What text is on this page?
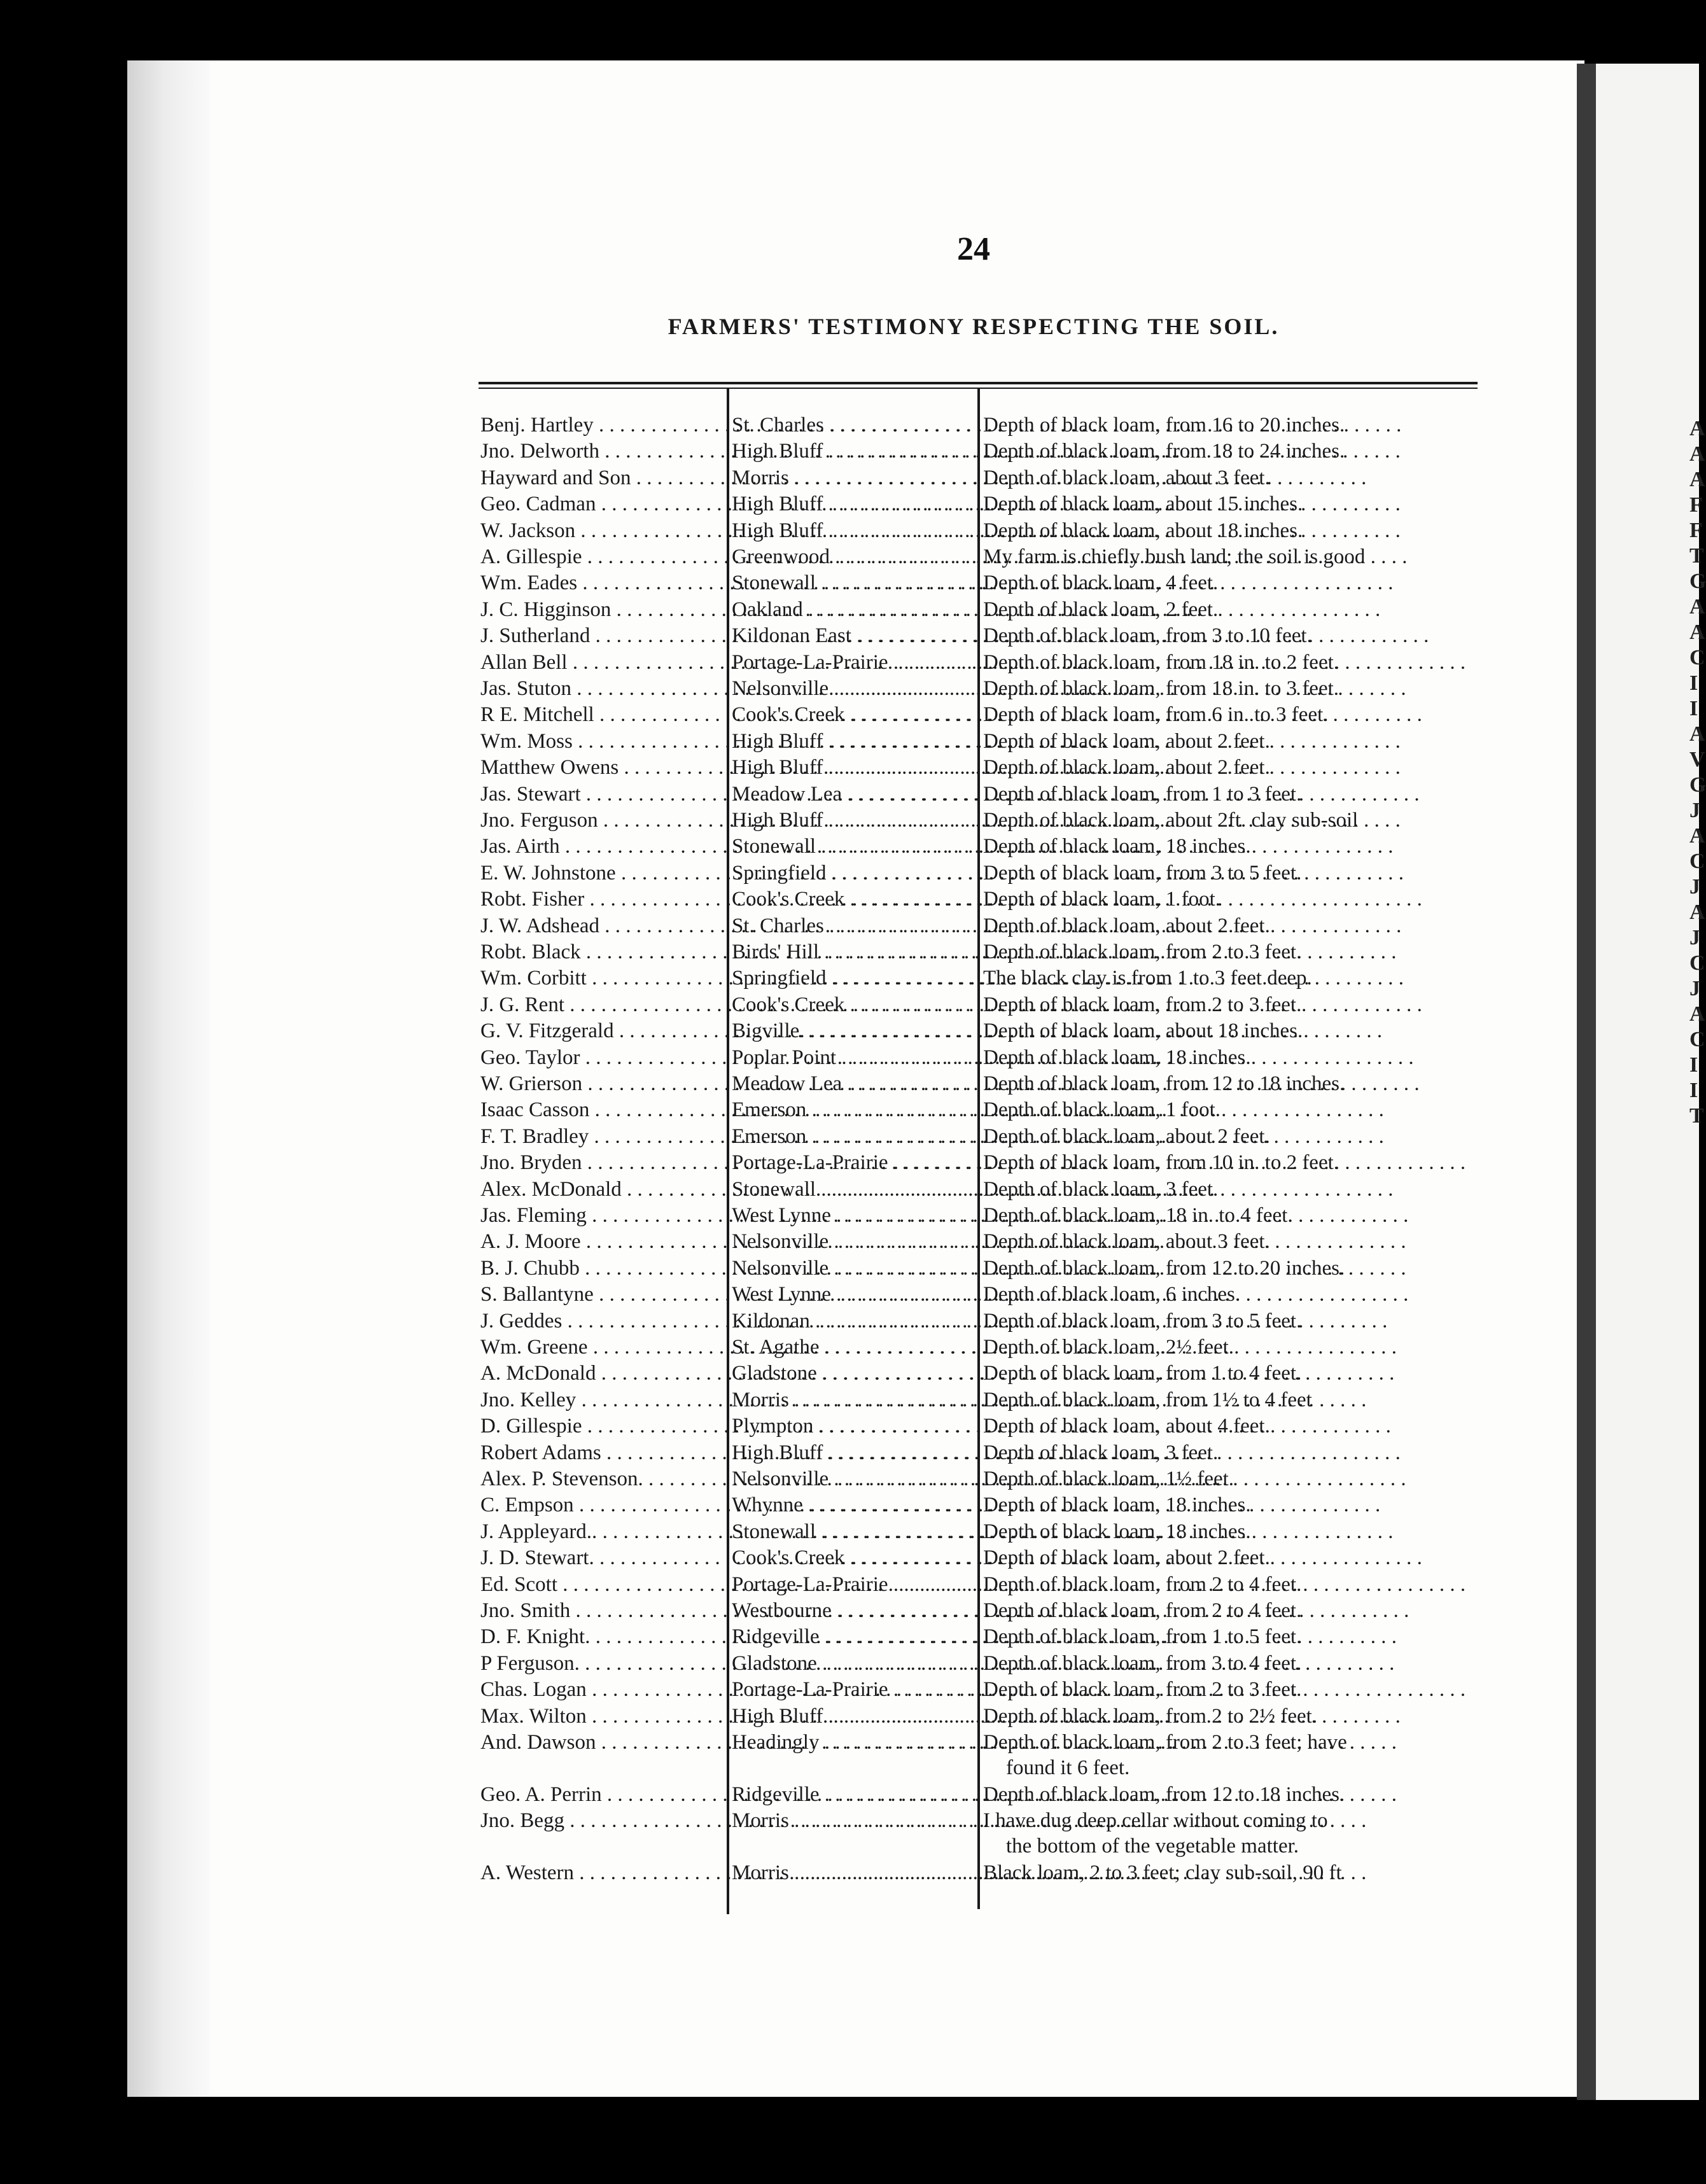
A
A
A
F
F
T
G
A
A
C
I
I
A
V
G
J
A
C
J
A
J
C
J
A
C
I
I
T
24
FARMERS' TESTIMONY RESPECTING THE SOIL.
Benj. Hartley . . .	St. Charles . . .	Depth of black loam, from 16 to 20 inches.
Jno. Delworth . . .	High Bluff . . .	Depth of black loam, from 18 to 24 inches.
Hayward and Son . . .	Morris . . .	Depth of black loam, about 3 feet.
Geo. Cadman . . .	High Bluff . . .	Depth of black loam, about 15 inches.
W. Jackson . . .	High Bluff . . .	Depth of black loam, about 18 inches.
A. Gillespie . . .	Greenwood . . .	My farm is chiefly bush land; the soil is good
Wm. Eades . . .	Stonewall . . .	Depth of black loam, 4 feet.
J. C. Higginson . . .	Oakland . . .	Depth of black loam, 2 feet.
J. Sutherland . . .	Kildonan East . . .	Depth of black loam, from 3 to 10 feet.
Allan Bell . . .	Portage-La-Prairie . . .	Depth of black loam, from 18 in. to 2 feet.
Jas. Stuton . . .	Nelsonville . . .	Depth of black loam, from 18 in. to 3 feet.
R E. Mitchell . . .	Cook's Creek . . .	Depth of black loam, from 6 in. to 3 feet.
Wm. Moss . . .	High Bluff . . .	Depth of black loam, about 2 feet.
Matthew Owens . . .	High Bluff . . .	Depth of black loam, about 2 feet.
Jas. Stewart . . .	Meadow Lea . . .	Depth of black loam, from 1 to 3 feet.
Jno. Ferguson . . .	High Bluff . . .	Depth of black loam, about 2ft. clay sub-soil
Jas. Airth . . .	Stonewall . . .	Depth of black loam, 18 inches.
E. W. Johnstone . . .	Springfield . . .	Depth of black loam, from 3 to 5 feet.
Robt. Fisher . . .	Cook's Creek . . .	Depth of black loam, 1 foot.
J. W. Adshead . . .	St. Charles . . .	Depth of black loam, about 2 feet.
Robt. Black . . .	Birds' Hill . . .	Depth of black loam, from 2 to 3 feet.
Wm. Corbitt . . .	Springfield . . .	The black clay is from 1 to 3 feet deep.
J. G. Rent . . .	Cook's Creek . . .	Depth of black loam, from 2 to 3 feet.
G. V. Fitzgerald . . .	Bigville. . . .	Depth of black loam, about 18 inches.
Geo. Taylor . . .	Poplar Point . . .	Depth of black loam, 18 inches.
W. Grierson . . .	Meadow Lea . . .	Depth of black loam, from 12 to 18 inches.
Isaac Casson . . .	Emerson . . .	Depth of black loam, 1 foot.
F. T. Bradley . . .	Emerson . . .	Depth of black loam, about 2 feet.
Jno. Bryden . . .	Portage-La-Prairie . . .	Depth of black loam, from 10 in. to 2 feet.
Alex. McDonald . . .	Stonewall . . .	Depth of black loam, 3 feet.
Jas. Fleming . . .	West Lynne . . .	Depth of black loam, 18 in. to 4 feet.
A. J. Moore . . .	Nelsonville . . .	Depth of black loam, about 3 feet.
B. J. Chubb . . .	Nelsonville . . .	Depth of black loam, from 12 to 20 inches.
S. Ballantyne . . .	West Lynne . . .	Depth of black loam, 6 inches.
J. Geddes . . .	Kildonan . . .	Depth of black loam, from 3 to 5 feet.
Wm. Greene . . .	St. Agathe . . .	Depth of black loam, 2½ feet.
A. McDonald . . .	Gladstone . . .	Depth of black loam, from 1 to 4 feet.
Jno. Kelley . . .	Morris . . .	Depth of black loam, from 1½ to 4 feet
D. Gillespie . . .	Plympton . . .	Depth of black loam, about 4 feet.
Robert Adams . . .	High Bluff . . .	Depth of black loam, 3 feet.
Alex. P. Stevenson. . . .	Nelsonville . . .	Depth of black loam, 1½ feet.
C. Empson . . .	Whynne . . .	Depth of black loam, 18 inches.
J. Appleyard.. . . .	Stonewall . . .	Depth of black loam, 18 inches.
J. D. Stewart. . . .	Cook's Creek . . .	Depth of black loam, about 2 feet.
Ed. Scott . . .	Portage-La-Prairie . . .	Depth of black loam, from 2 to 4 feet.
Jno. Smith . . .	Westbourne . . .	Depth of black loam, from 2 to 4 feet.
D. F. Knight. . . .	Ridgeville . . .	Depth of black loam, from 1 to 5 feet.
P Ferguson. . . .	Gladstone . . .	Depth of black loam, from 3 to 4 feet.
Chas. Logan . . .	Portage-La-Prairie . . .	Depth of black loam, from 2 to 3 feet.
Max. Wilton . . .	High Bluff . . .	Depth of black loam, from 2 to 2½ feet.
And. Dawson . . .	Headingly . . .	Depth of black loam, from 2 to 3 feet; have
found it 6 feet.
Geo. A. Perrin . . .	Ridgeville . . .	Depth of black loam, from 12 to 18 inches.
Jno. Begg . . .	Morris . . .	I have dug deep cellar without coming to
the bottom of the vegetable matter.
A. Western . . .	Morris . . .	Black loam, 2 to 3 feet; clay sub-soil, 90 ft
